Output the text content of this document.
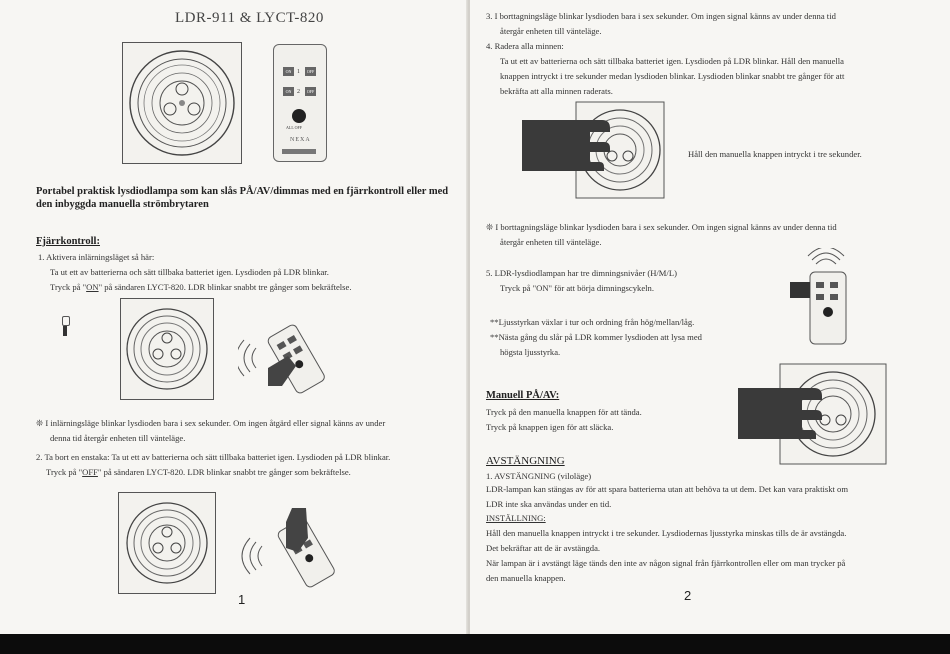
LDR-911 & LYCT-820
ON 1	OFF
ON 2	OFF
ALL OFF
NEXA
Portabel praktisk lysdiodlampa som kan slås PÅ/AV/dimmas med en fjärrkontroll eller med den inbyggda manuella strömbrytaren
Fjärrkontroll:
1. Aktivera inlärningsläget så här:
Ta ut ett av batterierna och sätt tillbaka batteriet igen. Lysdioden på LDR blinkar.
Tryck på "ON" på sändaren LYCT-820. LDR blinkar snabbt tre gånger som bekräftelse.
❊ I inlärningsläge blinkar lysdioden bara i sex sekunder. Om ingen åtgärd eller signal känns av under
denna tid återgår enheten till vänteläge.
2. Ta bort en enstaka: Ta ut ett av batterierna och sätt tillbaka batteriet igen. Lysdioden på LDR blinkar.
Tryck på "OFF" på sändaren LYCT-820. LDR blinkar snabbt tre gånger som bekräftelse.
1
3. I borttagningsläge blinkar lysdioden bara i sex sekunder. Om ingen signal känns av under denna tid
återgår enheten till vänteläge.
4. Radera alla minnen:
Ta ut ett av batterierna och sätt tillbaka batteriet igen. Lysdioden på LDR blinkar. Håll den manuella
knappen intryckt i tre sekunder medan lysdioden blinkar. Lysdioden blinkar snabbt tre gånger för att
bekräfta att alla minnen raderats.
Håll den manuella knappen intryckt i tre sekunder.
❊ I borttagningsläge blinkar lysdioden bara i sex sekunder. Om ingen signal känns av under denna tid
återgår enheten till vänteläge.
5. LDR-lysdiodlampan har tre dimningsnivåer (H/M/L)
Tryck på "ON" för att börja dimningscykeln.
**Ljusstyrkan växlar i tur och ordning från hög/mellan/låg.
**Nästa gång du slår på LDR kommer lysdioden att lysa med
högsta ljusstyrka.
Manuell PÅ/AV:
Tryck på den manuella knappen för att tända.
Tryck på knappen igen för att släcka.
AVSTÄNGNING
1. AVSTÄNGNING (viloläge)
LDR-lampan kan stängas av för att spara batterierna utan att behöva ta ut dem. Det kan vara praktiskt om
LDR inte ska användas under en tid.
INSTÄLLNING:
Håll den manuella knappen intryckt i tre sekunder. Lysdiodernas ljusstyrka minskas tills de är avstängda.
Det bekräftar att de är avstängda.
När lampan är i avstängt läge tänds den inte av någon signal från fjärrkontrollen eller om man trycker på
den manuella knappen.
2
